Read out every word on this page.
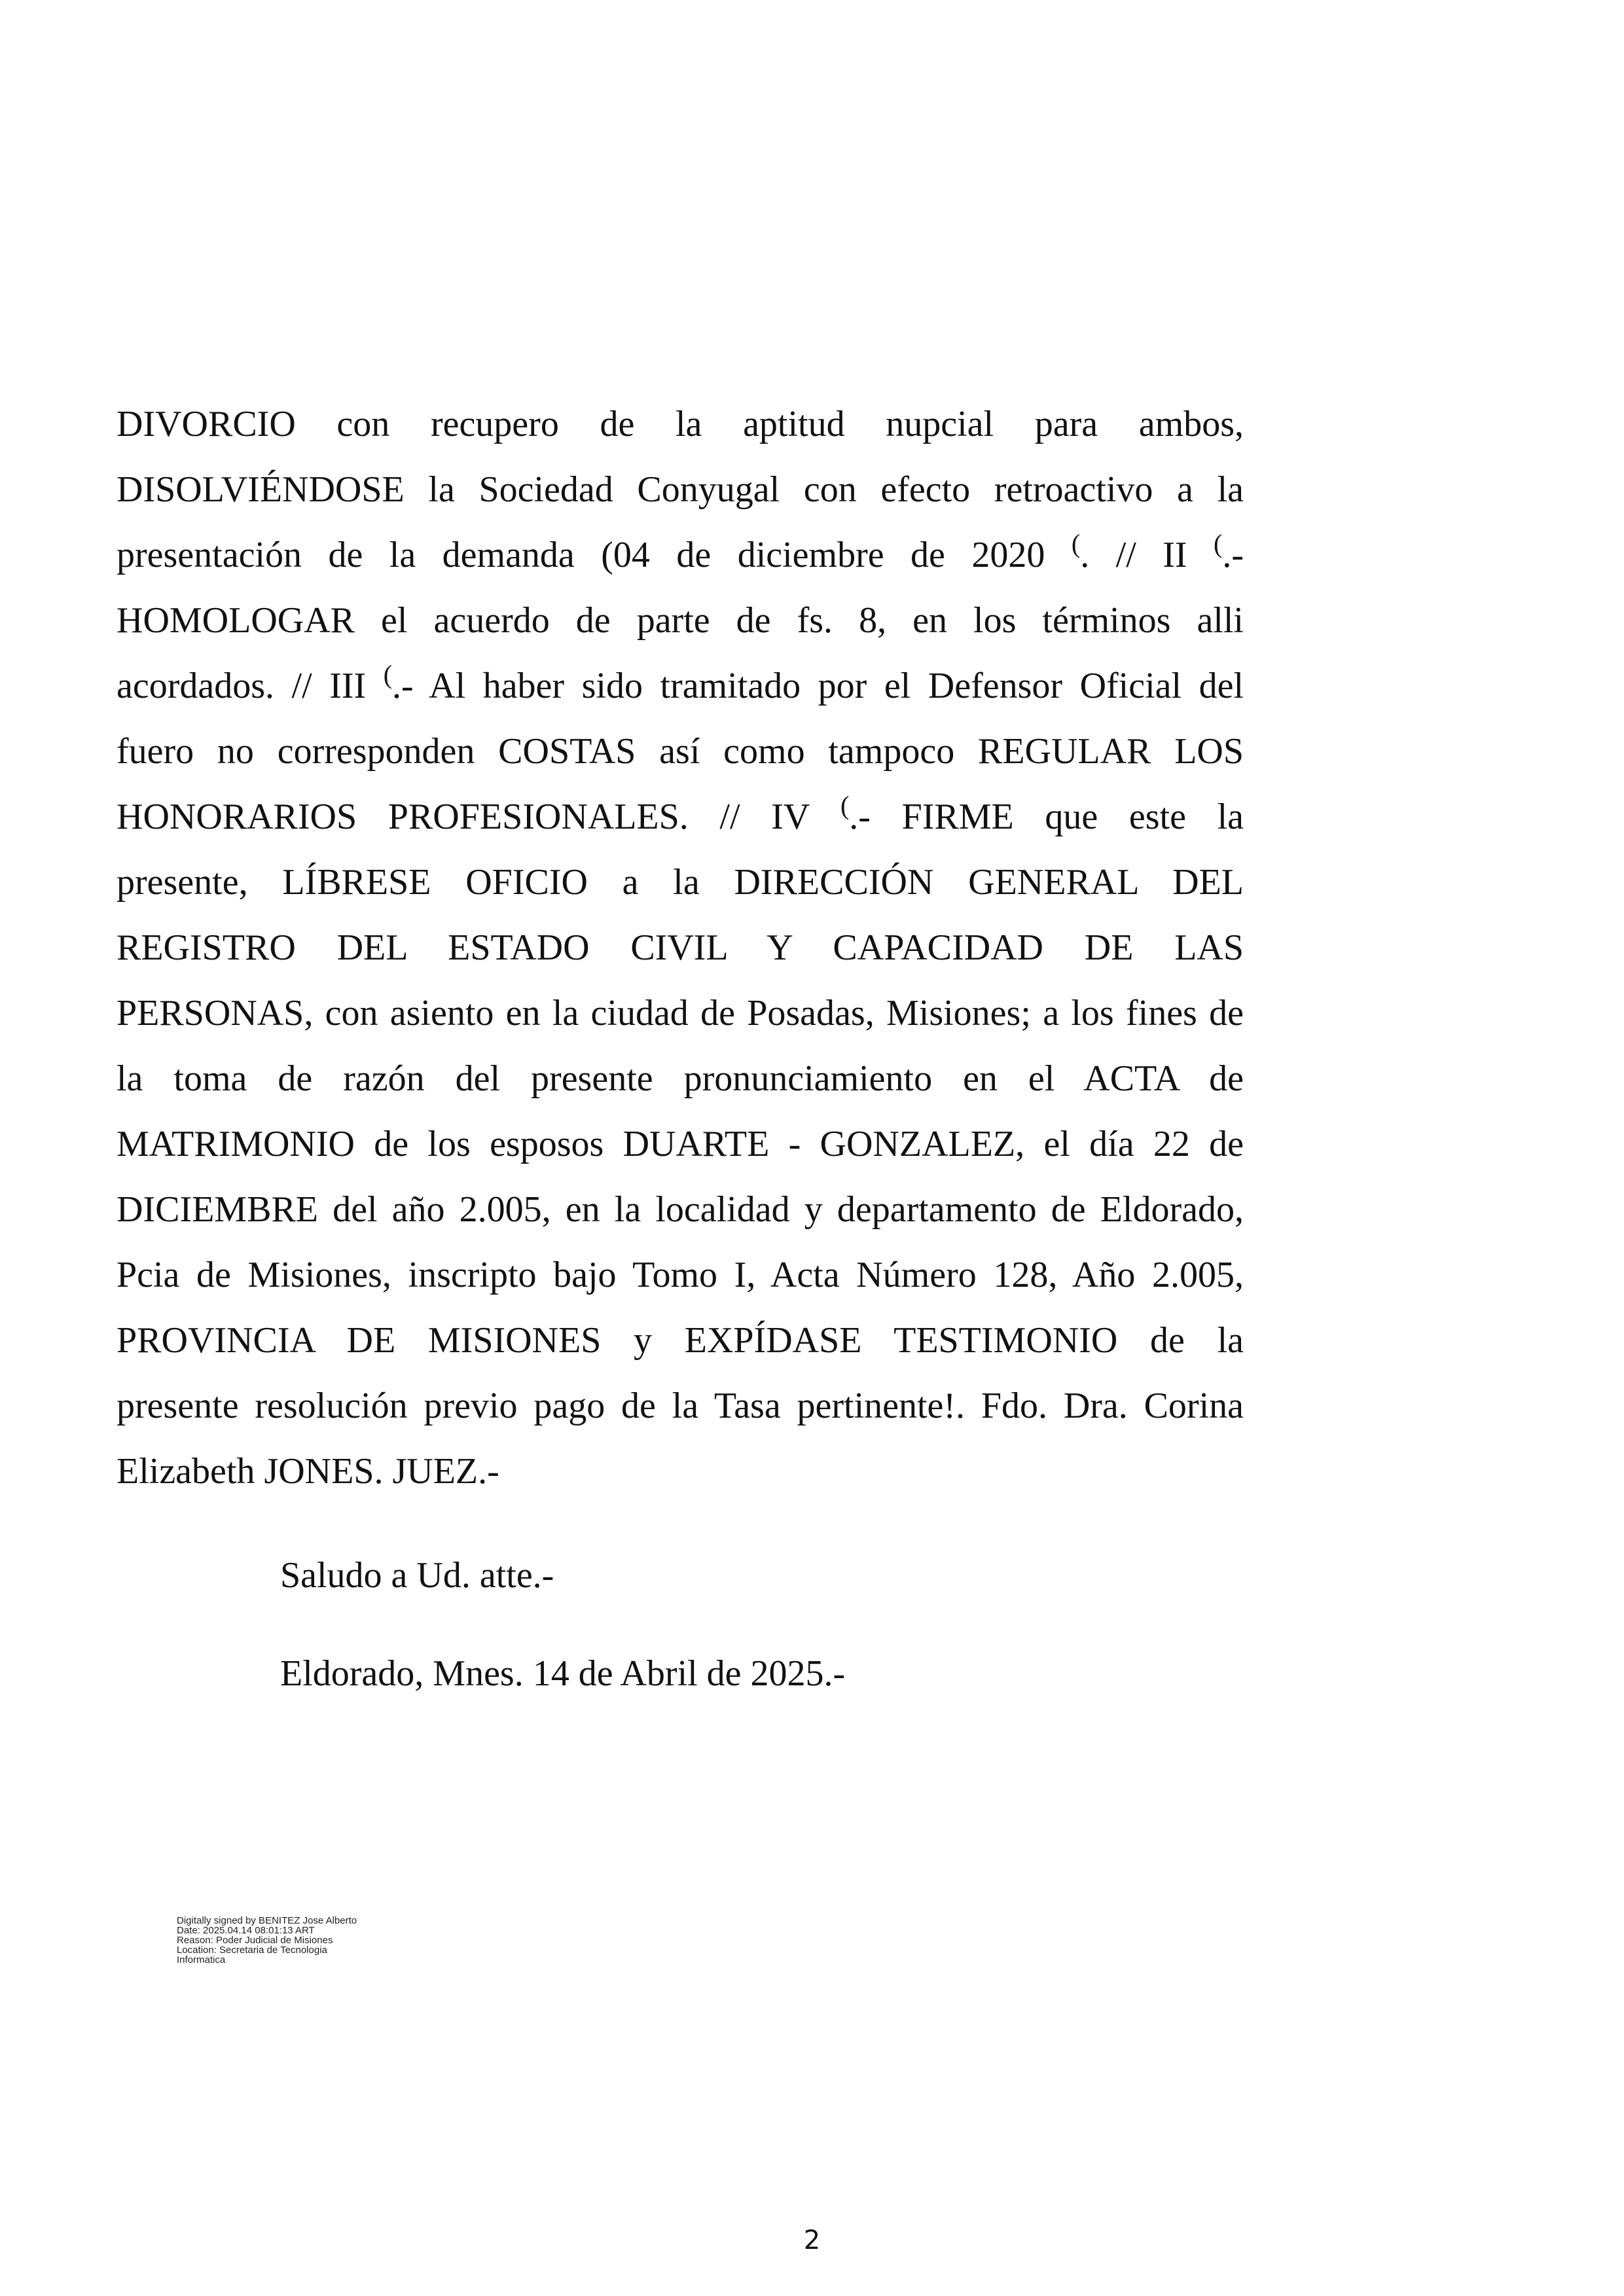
DIVORCIO con recupero de la aptitud nupcial para ambos,
DISOLVIÉNDOSE la Sociedad Conyugal con efecto retroactivo a la
presentación de la demanda (04 de diciembre de 2020 (. // II (.-
HOMOLOGAR el acuerdo de parte de fs. 8, en los términos alli
acordados. // III (.- Al haber sido tramitado por el Defensor Oficial del
fuero no corresponden COSTAS así como tampoco REGULAR LOS
HONORARIOS PROFESIONALES. // IV (.- FIRME que este la
presente, LÍBRESE OFICIO a la DIRECCIÓN GENERAL DEL
REGISTRO DEL ESTADO CIVIL Y CAPACIDAD DE LAS
PERSONAS, con asiento en la ciudad de Posadas, Misiones; a los fines de
la toma de razón del presente pronunciamiento en el ACTA de
MATRIMONIO de los esposos DUARTE - GONZALEZ, el día 22 de
DICIEMBRE del año 2.005, en la localidad y departamento de Eldorado,
Pcia de Misiones, inscripto bajo Tomo I, Acta Número 128, Año 2.005,
PROVINCIA DE MISIONES y EXPÍDASE TESTIMONIO de la
presente resolución previo pago de la Tasa pertinente!. Fdo. Dra. Corina
Elizabeth JONES. JUEZ.-
Saludo a Ud. atte.-
Eldorado, Mnes. 14 de Abril de 2025.-
Digitally signed by BENITEZ Jose Alberto
Date: 2025.04.14 08:01:13 ART
Reason: Poder Judicial de Misiones
Location: Secretaria de Tecnologia
Informatica
2
